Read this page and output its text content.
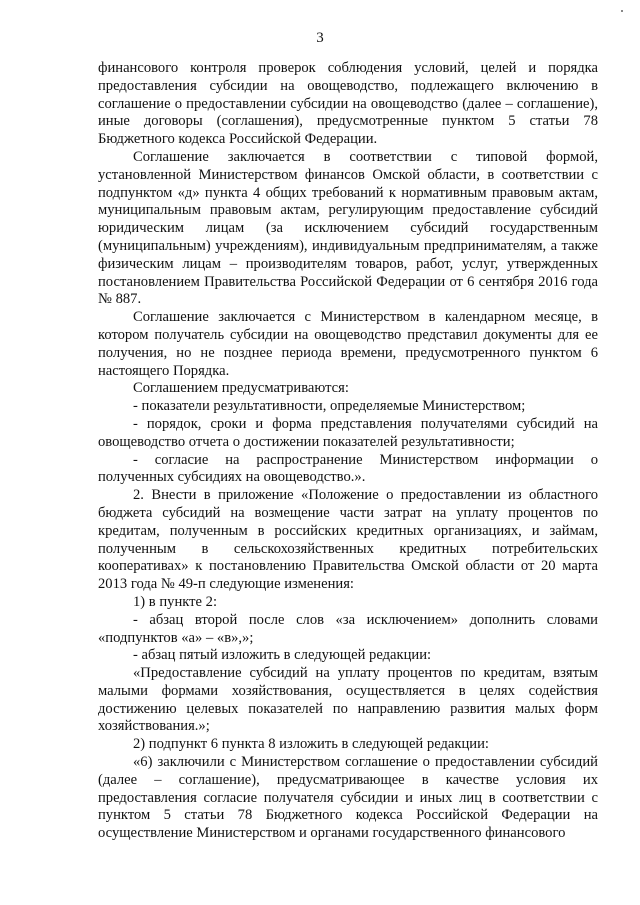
3

финансового контроля проверок соблюдения условий, целей и порядка предоставления субсидии на овощеводство, подлежащего включению в соглашение о предоставлении субсидии на овощеводство (далее – соглашение), иные договоры (соглашения), предусмотренные пунктом 5 статьи 78 Бюджетного кодекса Российской Федерации.

Соглашение заключается в соответствии с типовой формой, установленной Министерством финансов Омской области, в соответствии с подпунктом «д» пункта 4 общих требований к нормативным правовым актам, муниципальным правовым актам, регулирующим предоставление субсидий юридическим лицам (за исключением субсидий государственным (муниципальным) учреждениям), индивидуальным предпринимателям, а также физическим лицам – производителям товаров, работ, услуг, утвержденных постановлением Правительства Российской Федерации от 6 сентября 2016 года № 887.

Соглашение заключается с Министерством в календарном месяце, в котором получатель субсидии на овощеводство представил документы для ее получения, но не позднее периода времени, предусмотренного пунктом 6 настоящего Порядка.

Соглашением предусматриваются:

- показатели результативности, определяемые Министерством;

- порядок, сроки и форма представления получателями субсидий на овощеводство отчета о достижении показателей результативности;

- согласие на распространение Министерством информации о полученных субсидиях на овощеводство.».

2. Внести в приложение «Положение о предоставлении из областного бюджета субсидий на возмещение части затрат на уплату процентов по кредитам, полученным в российских кредитных организациях, и займам, полученным в сельскохозяйственных кредитных потребительских кооперативах» к постановлению Правительства Омской области от 20 марта 2013 года № 49-п следующие изменения:

1) в пункте 2:

- абзац второй после слов «за исключением» дополнить словами «подпунктов «а» – «в»,»;

- абзац пятый изложить в следующей редакции:

«Предоставление субсидий на уплату процентов по кредитам, взятым малыми формами хозяйствования, осуществляется в целях содействия достижению целевых показателей по направлению развития малых форм хозяйствования.»;

2) подпункт 6 пункта 8 изложить в следующей редакции:

«6) заключили с Министерством соглашение о предоставлении субсидий (далее – соглашение), предусматривающее в качестве условия их предоставления согласие получателя субсидии и иных лиц в соответствии с пунктом 5 статьи 78 Бюджетного кодекса Российской Федерации на осуществление Министерством и органами государственного финансового
